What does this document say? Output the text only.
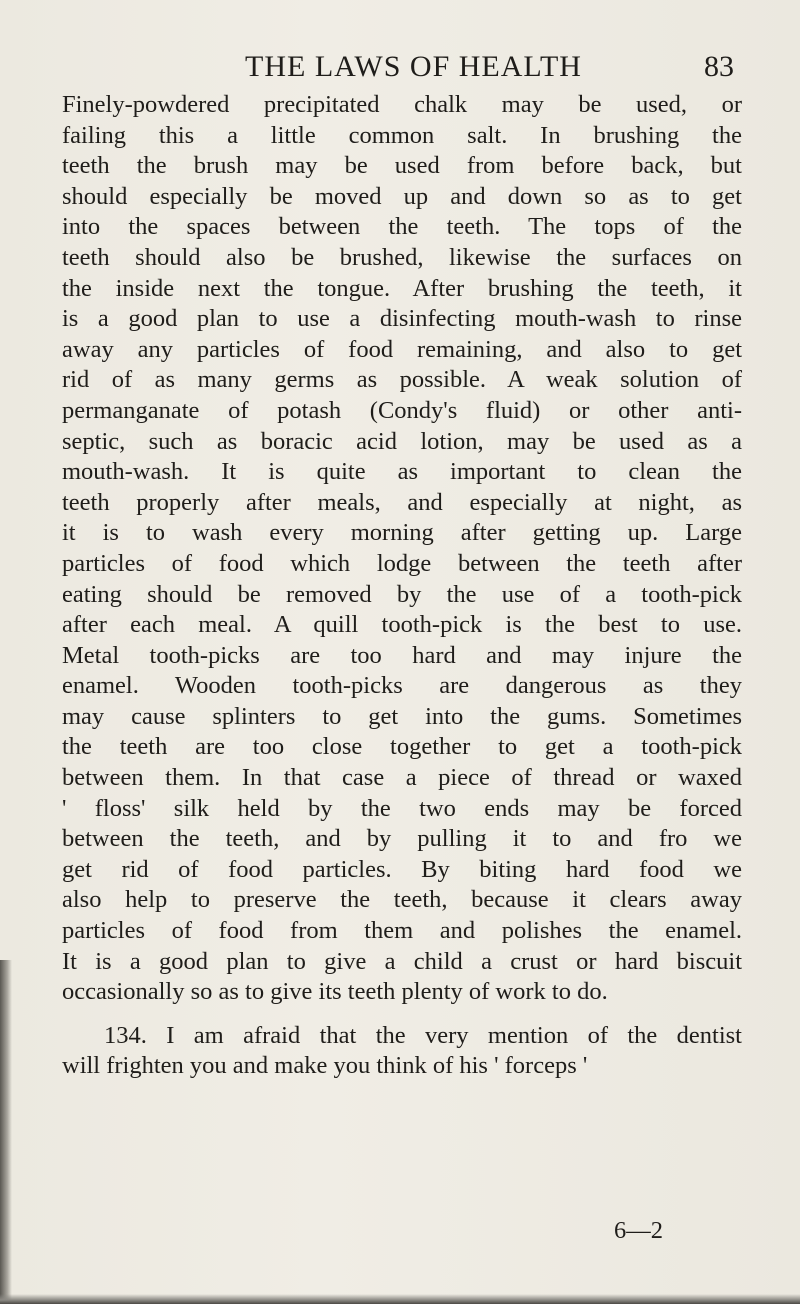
THE LAWS OF HEALTH	83
Finely-powdered precipitated chalk may be used, or
failing this a little common salt. In brushing the
teeth the brush may be used from before back, but
should especially be moved up and down so as to get
into the spaces between the teeth. The tops of the
teeth should also be brushed, likewise the surfaces on
the inside next the tongue. After brushing the teeth, it
is a good plan to use a disinfecting mouth-wash to rinse
away any particles of food remaining, and also to get
rid of as many germs as possible. A weak solution of
permanganate of potash (Condy's fluid) or other anti-
septic, such as boracic acid lotion, may be used as a
mouth-wash. It is quite as important to clean the
teeth properly after meals, and especially at night, as
it is to wash every morning after getting up. Large
particles of food which lodge between the teeth after
eating should be removed by the use of a tooth-pick
after each meal. A quill tooth-pick is the best to use.
Metal tooth-picks are too hard and may injure the
enamel. Wooden tooth-picks are dangerous as they
may cause splinters to get into the gums. Sometimes
the teeth are too close together to get a tooth-pick
between them. In that case a piece of thread or waxed
' floss' silk held by the two ends may be forced
between the teeth, and by pulling it to and fro we
get rid of food particles. By biting hard food we
also help to preserve the teeth, because it clears away
particles of food from them and polishes the enamel.
It is a good plan to give a child a crust or hard biscuit
occasionally so as to give its teeth plenty of work to do.
134. I am afraid that the very mention of the dentist
will frighten you and make you think of his ' forceps '
6—2
